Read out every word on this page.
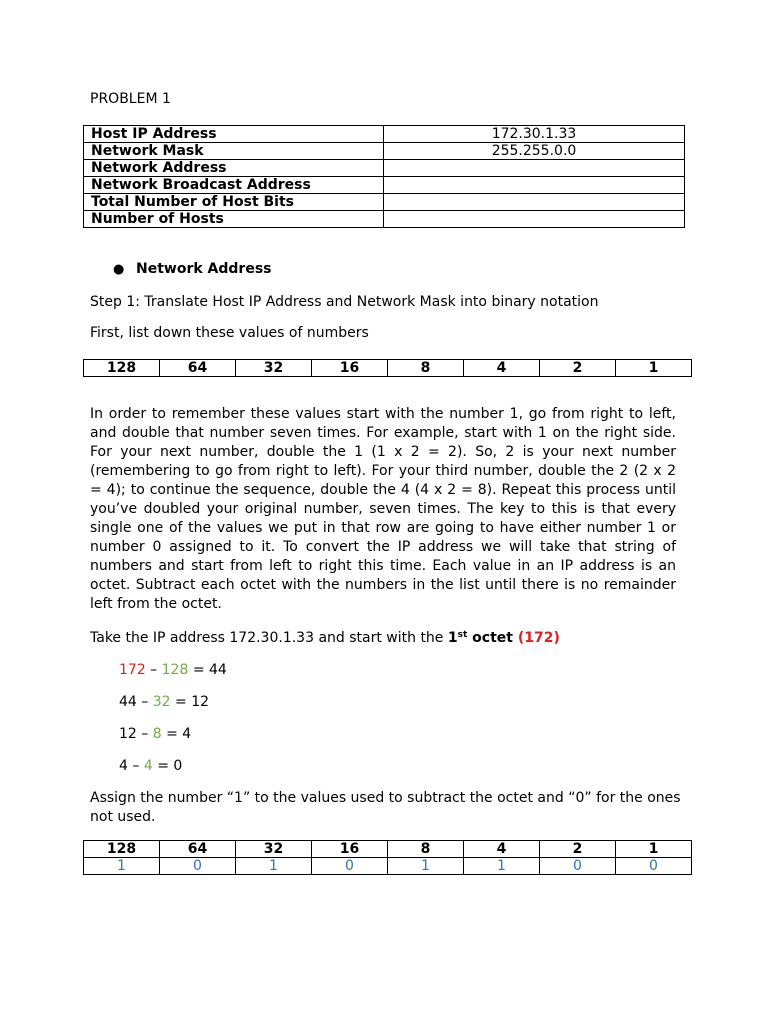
PROBLEM 1
Host IP Address	172.30.1.33
Network Mask	255.255.0.0
Network Address	
Network Broadcast Address	
Total Number of Host Bits	
Number of Hosts	
● Network Address
Step 1: Translate Host IP Address and Network Mask into binary notation
First, list down these values of numbers
128	64	32	16	8	4	2	1
In order to remember these values start with the number 1, go from right to left, and double that number seven times. For example, start with 1 on the right side. For your next number, double the 1 (1 x 2 = 2). So, 2 is your next number (remembering to go from right to left). For your third number, double the 2 (2 x 2 = 4); to continue the sequence, double the 4 (4 x 2 = 8). Repeat this process until you’ve doubled your original number, seven times. The key to this is that every single one of the values we put in that row are going to have either number 1 or number 0 assigned to it. To convert the IP address we will take that string of numbers and start from left to right this time. Each value in an IP address is an octet. Subtract each octet with the numbers in the list until there is no remainder left from the octet.
Take the IP address 172.30.1.33 and start with the 1st octet (172)
172 – 128 = 44
44 – 32 = 12
12 – 8 = 4
4 – 4 = 0
Assign the number “1” to the values used to subtract the octet and “0” for the ones not used.
128	64	32	16	8	4	2	1
1	0	1	0	1	1	0	0
